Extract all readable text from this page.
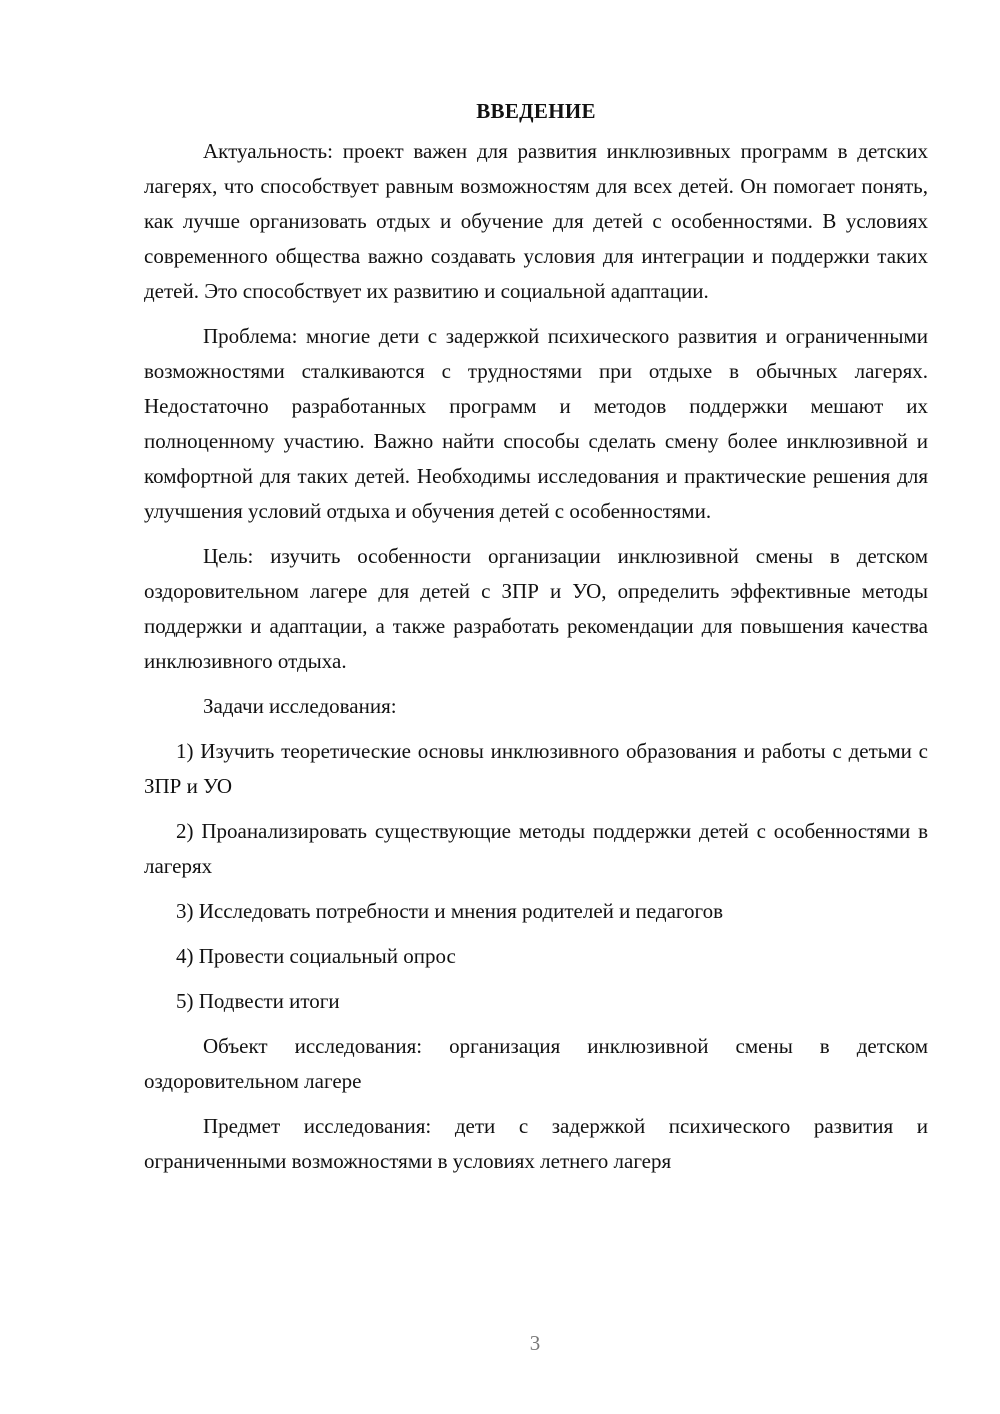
ВВЕДЕНИЕ

Актуальность: проект важен для развития инклюзивных программ в детских лагерях, что способствует равным возможностям для всех детей. Он помогает понять, как лучше организовать отдых и обучение для детей с особенностями. В условиях современного общества важно создавать условия для интеграции и поддержки таких детей. Это способствует их развитию и социальной адаптации.

Проблема: многие дети с задержкой психического развития и ограниченными возможностями сталкиваются с трудностями при отдыхе в обычных лагерях. Недостаточно разработанных программ и методов поддержки мешают их полноценному участию. Важно найти способы сделать смену более инклюзивной и комфортной для таких детей. Необходимы исследования и практические решения для улучшения условий отдыха и обучения детей с особенностями.

Цель: изучить особенности организации инклюзивной смены в детском оздоровительном лагере для детей с ЗПР и УО, определить эффективные методы поддержки и адаптации, а также разработать рекомендации для повышения качества инклюзивного отдыха.

Задачи исследования:

1) Изучить теоретические основы инклюзивного образования и работы с детьми с ЗПР и УО

2) Проанализировать существующие методы поддержки детей с особенностями в лагерях

3) Исследовать потребности и мнения родителей и педагогов

4) Провести социальный опрос

5) Подвести итоги

Объект исследования: организация инклюзивной смены в детском оздоровительном лагере

Предмет исследования: дети с задержкой психического развития и ограниченными возможностями в условиях летнего лагеря

3
